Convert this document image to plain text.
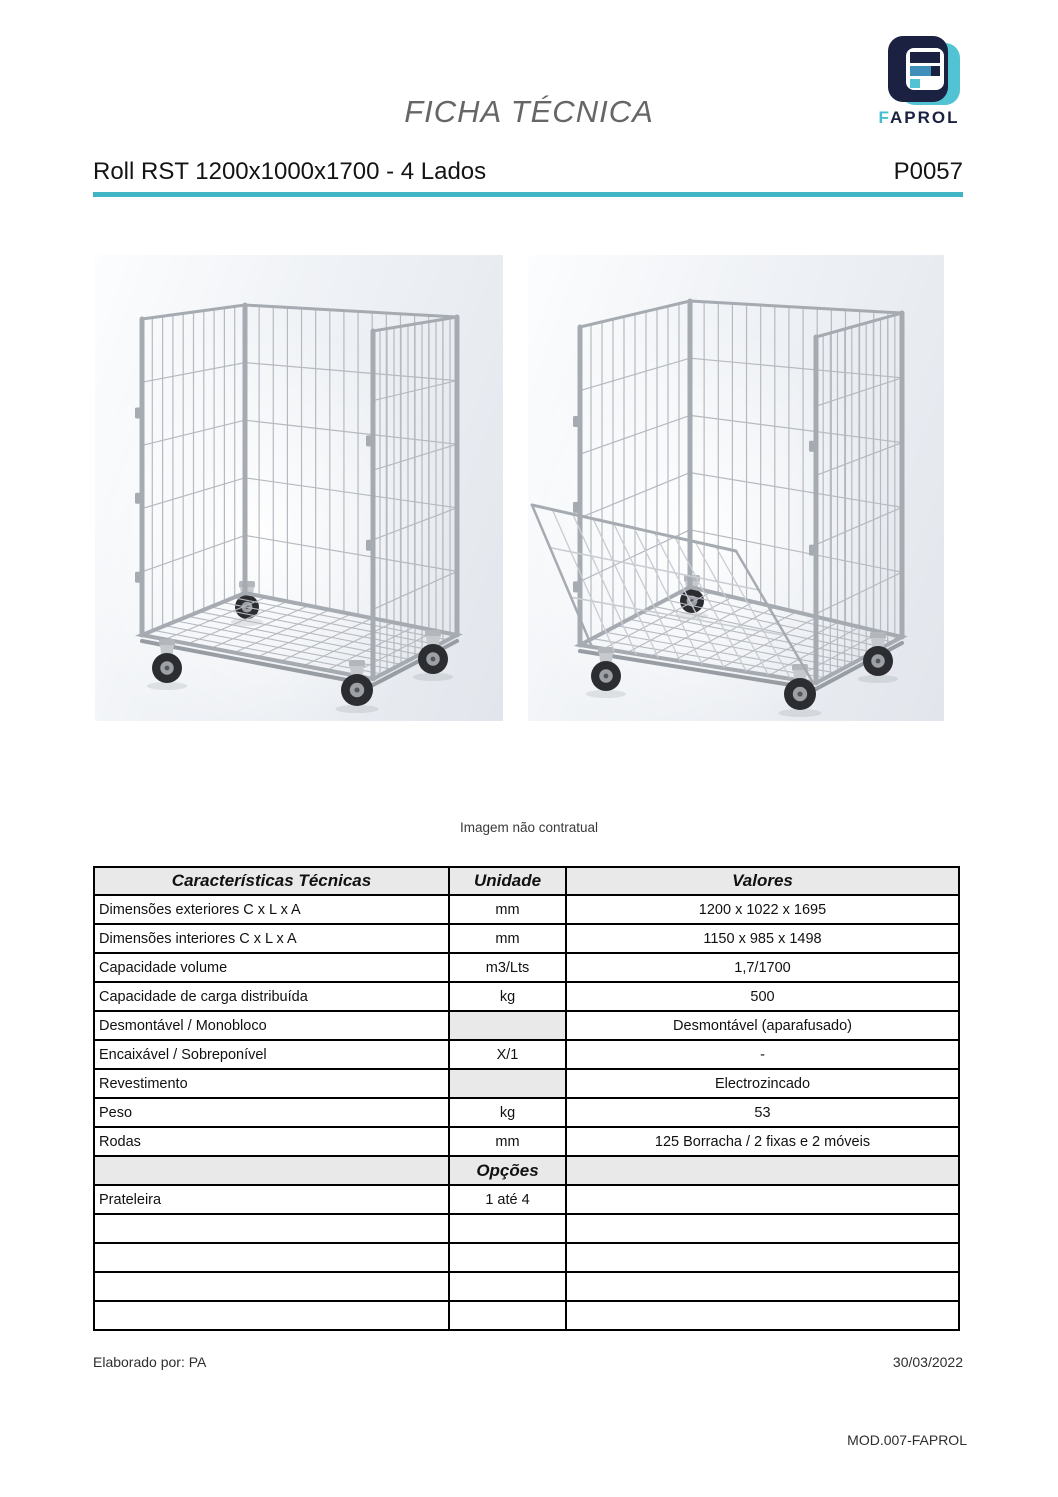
FICHA TÉCNICA	FAPROL
Roll RST 1200x1000x1700 - 4 Lados	P0057
Imagem não contratual
Características Técnicas	Unidade	Valores
Dimensões exteriores C x L x A	mm	1200 x 1022 x 1695
Dimensões interiores C x L x A	mm	1150 x 985 x 1498
Capacidade volume	m3/Lts	1,7/1700
Capacidade de carga distribuída	kg	500
Desmontável / Monobloco		Desmontável (aparafusado)
Encaixável / Sobreponível	X/1	-
Revestimento		Electrozincado
Peso	kg	53
Rodas	mm	125 Borracha / 2 fixas e 2 móveis
	Opções	
Prateleira	1 até 4	

Elaborado por: PA	30/03/2022
MOD.007-FAPROL
